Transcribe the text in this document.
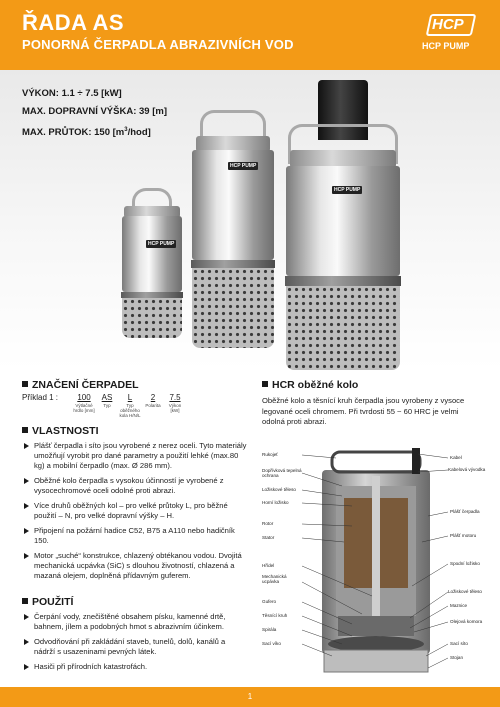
ŘADA AS
PONORNÁ ČERPADLA ABRAZIVNÍCH VOD
HCP
HCP PUMP
VÝKON: 1.1 ÷ 7.5 [kW]
MAX. DOPRAVNÍ VÝŠKA: 39 [m]
MAX. PRŮTOK: 150 $[m^3/hod]$
HCP PUMP
HCP PUMP
HCP PUMP
ZNAČENÍ ČERPADEL
Příklad 1 : 100
Výtlačné hrdlo [mm]
AS
Typ
L
Typ oběžného kola H/N/L
2
Polarita
7.5
Výkon [kW]
VLASTNOSTI
Plášť čerpadla i síto jsou vyrobené z nerez oceli. Tyto materiály umožňují vyrobit pro dané parametry a použití lehké (max.80 kg) a mobilní čerpadlo (max. Ø 286 mm).
Oběžné kolo čerpadla s vysokou účinností je vyrobené z vysocechromové oceli odolné proti abrazi.
Více druhů oběžných kol – pro velké průtoky L, pro běžné použití – N, pro velké dopravní výšky – H.
Připojení na požární hadice C52, B75 a A110 nebo hadičník 150.
Motor „suché“ konstrukce, chlazený obtékanou vodou. Dvojitá mechanická ucpávka (SiC) s dlouhou životností, chlazená a mazaná olejem, doplněná přídavným guferem.
POUŽITÍ
Čerpání vody, znečištěné obsahem písku, kamenné drtě, bahnem, jílem a podobných hmot s abrazivním účinkem.
Odvodňování při zakládání staveb, tunelů, dolů, kanálů a nádrží s usazeninami pevných látek.
Hasiči při přírodních katastrofách.
HCR oběžné kolo
Oběžné kolo a těsnící kruh čerpadla jsou vyrobeny z vysoce legované oceli chromem. Při tvrdosti 55 ~ 60 HRC je velmi odolná proti abrazi.
Rukojeť
Dopřívková tepelná ochrana
Ložiskové těleso
Horní ložisko
Rotor
Stator
Hřídel
Mechanická ucpávka
Gufero
Těsnící kruh
Spirála
Sací víko
Kabel
Kabelová vývodka
Plášť čerpadla
Plášť motoru
Spodní ložisko
Ložiskové těleso
Maznice
Olejová komora
Sací síto
Stojan
1
